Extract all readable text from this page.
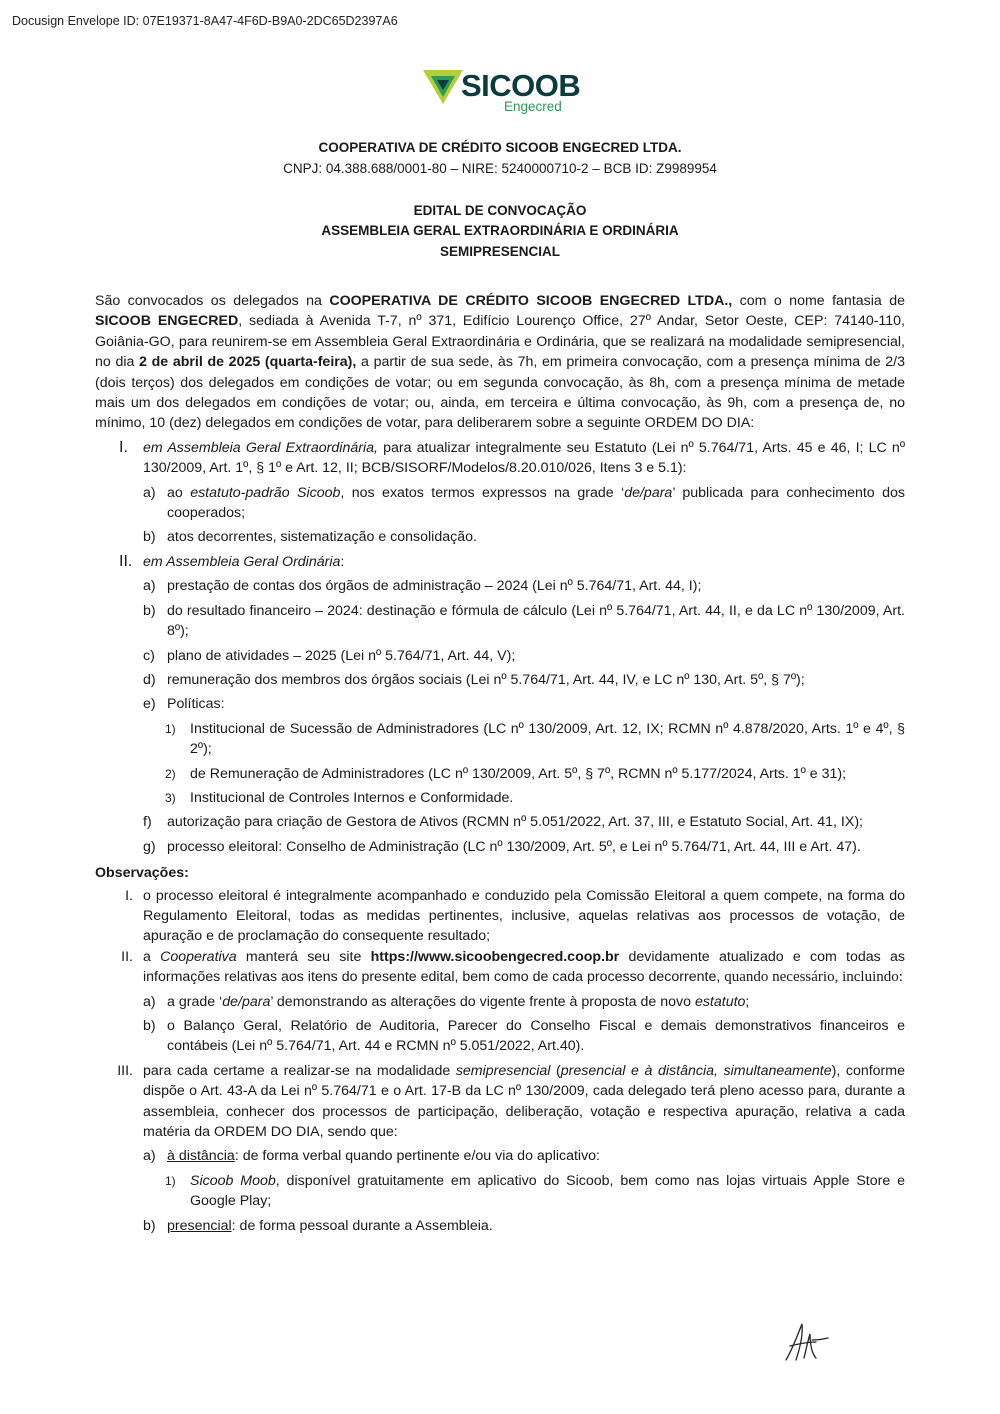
Docusign Envelope ID: 07E19371-8A47-4F6D-B9A0-2DC65D2397A6
SICOOB
Engecred
COOPERATIVA DE CRÉDITO SICOOB ENGECRED LTDA.
CNPJ: 04.388.688/0001-80 – NIRE: 5240000710-2 – BCB ID: Z9989954
EDITAL DE CONVOCAÇÃO
ASSEMBLEIA GERAL EXTRAORDINÁRIA E ORDINÁRIA
SEMIPRESENCIAL

São convocados os delegados na COOPERATIVA DE CRÉDITO SICOOB ENGECRED LTDA., com o nome fantasia de SICOOB ENGECRED, sediada à Avenida T-7, nº 371, Edifício Lourenço Office, 27º Andar, Setor Oeste, CEP: 74140-110, Goiânia-GO, para reunirem-se em Assembleia Geral Extraordinária e Ordinária, que se realizará na modalidade semipresencial, no dia 2 de abril de 2025 (quarta-feira), a partir de sua sede, às 7h, em primeira convocação, com a presença mínima de 2/3 (dois terços) dos delegados em condições de votar; ou em segunda convocação, às 8h, com a presença mínima de metade mais um dos delegados em condições de votar; ou, ainda, em terceira e última convocação, às 9h, com a presença de, no mínimo, 10 (dez) delegados em condições de votar, para deliberarem sobre a seguinte ORDEM DO DIA:

I. em Assembleia Geral Extraordinária, para atualizar integralmente seu Estatuto (Lei nº 5.764/71, Arts. 45 e 46, I; LC nº 130/2009, Art. 1º, § 1º e Art. 12, II; BCB/SISORF/Modelos/8.20.010/026, Itens 3 e 5.1):
a) ao estatuto-padrão Sicoob, nos exatos termos expressos na grade ‘de/para’ publicada para conhecimento dos cooperados;
b) atos decorrentes, sistematização e consolidação.
II. em Assembleia Geral Ordinária:
a) prestação de contas dos órgãos de administração – 2024 (Lei nº 5.764/71, Art. 44, I);
b) do resultado financeiro – 2024: destinação e fórmula de cálculo (Lei nº 5.764/71, Art. 44, II, e da LC nº 130/2009, Art. 8º);
c) plano de atividades – 2025 (Lei nº 5.764/71, Art. 44, V);
d) remuneração dos membros dos órgãos sociais (Lei nº 5.764/71, Art. 44, IV, e LC nº 130, Art. 5º, § 7º);
e) Políticas:
1) Institucional de Sucessão de Administradores (LC nº 130/2009, Art. 12, IX; RCMN nº 4.878/2020, Arts. 1º e 4º, § 2º);
2) de Remuneração de Administradores (LC nº 130/2009, Art. 5º, § 7º, RCMN nº 5.177/2024, Arts. 1º e 31);
3) Institucional de Controles Internos e Conformidade.
f) autorização para criação de Gestora de Ativos (RCMN nº 5.051/2022, Art. 37, III, e Estatuto Social, Art. 41, IX);
g) processo eleitoral: Conselho de Administração (LC nº 130/2009, Art. 5º, e Lei nº 5.764/71, Art. 44, III e Art. 47).

Observações:

I. o processo eleitoral é integralmente acompanhado e conduzido pela Comissão Eleitoral a quem compete, na forma do Regulamento Eleitoral, todas as medidas pertinentes, inclusive, aquelas relativas aos processos de votação, de apuração e de proclamação do consequente resultado;
II. a Cooperativa manterá seu site https://www.sicoobengecred.coop.br devidamente atualizado e com todas as informações relativas aos itens do presente edital, bem como de cada processo decorrente, quando necessário, incluindo:
a) a grade ‘de/para’ demonstrando as alterações do vigente frente à proposta de novo estatuto;
b) o Balanço Geral, Relatório de Auditoria, Parecer do Conselho Fiscal e demais demonstrativos financeiros e contábeis (Lei nº 5.764/71, Art. 44 e RCMN nº 5.051/2022, Art.40).
III. para cada certame a realizar-se na modalidade semipresencial (presencial e à distância, simultaneamente), conforme dispõe o Art. 43-A da Lei nº 5.764/71 e o Art. 17-B da LC nº 130/2009, cada delegado terá pleno acesso para, durante a assembleia, conhecer dos processos de participação, deliberação, votação e respectiva apuração, relativa a cada matéria da ORDEM DO DIA, sendo que:
a) à distância: de forma verbal quando pertinente e/ou via do aplicativo:
1) Sicoob Moob, disponível gratuitamente em aplicativo do Sicoob, bem como nas lojas virtuais Apple Store e Google Play;
b) presencial: de forma pessoal durante a Assembleia.
